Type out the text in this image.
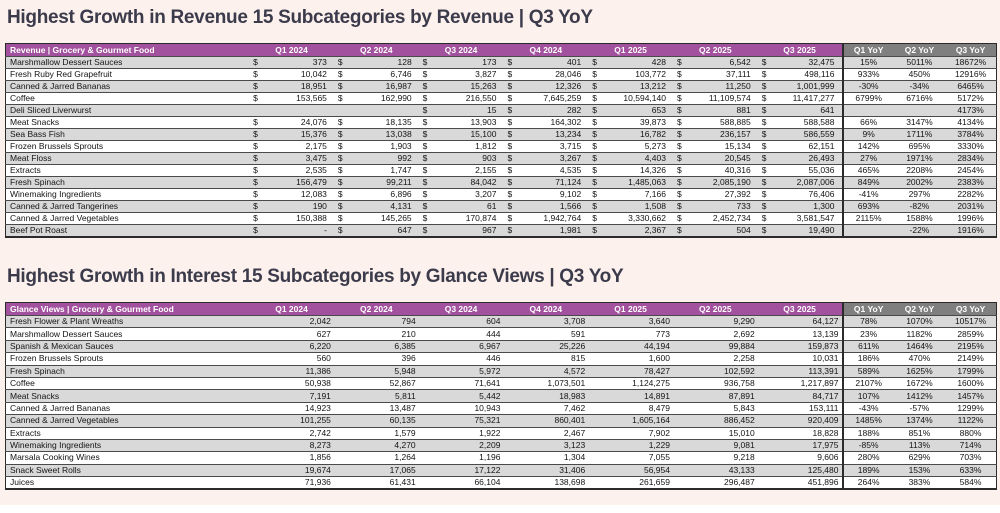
Highest Growth in Revenue 15 Subcategories by Revenue | Q3 YoY
Revenue | Grocery & Gourmet Food	Q1 2024	Q2 2024	Q3 2024	Q4 2024	Q1 2025	Q2 2025	Q3 2025	Q1 YoY	Q2 YoY	Q3 YoY
Marshmallow Dessert Sauces	$ 373	$ 128	$ 173	$ 401	$ 428	$ 6,542	$ 32,475	15%	5011%	18672%
Fresh Ruby Red Grapefruit	$ 10,042	$ 6,746	$ 3,827	$ 28,046	$ 103,772	$ 37,111	$ 498,116	933%	450%	12916%
Canned & Jarred Bananas	$ 18,951	$ 16,987	$ 15,263	$ 12,326	$ 13,212	$ 11,250	$ 1,001,999	-30%	-34%	6465%
Coffee	$ 153,565	$ 162,990	$ 216,550	$ 7,645,259	$ 10,594,140	$ 11,109,574	$ 11,417,277	6799%	6716%	5172%
Deli Sliced Liverwurst			$ 15	$ 282	$ 653	$ 881	$ 641			4173%
Meat Snacks	$ 24,076	$ 18,135	$ 13,903	$ 164,302	$ 39,873	$ 588,885	$ 588,588	66%	3147%	4134%
Sea Bass Fish	$ 15,376	$ 13,038	$ 15,100	$ 13,234	$ 16,782	$ 236,157	$ 586,559	9%	1711%	3784%
Frozen Brussels Sprouts	$ 2,175	$ 1,903	$ 1,812	$ 3,715	$ 5,273	$ 15,134	$ 62,151	142%	695%	3330%
Meat Floss	$ 3,475	$ 992	$ 903	$ 3,267	$ 4,403	$ 20,545	$ 26,493	27%	1971%	2834%
Extracts	$ 2,535	$ 1,747	$ 2,155	$ 4,535	$ 14,326	$ 40,316	$ 55,036	465%	2208%	2454%
Fresh Spinach	$ 156,479	$ 99,211	$ 84,042	$ 71,124	$ 1,485,063	$ 2,085,190	$ 2,087,006	849%	2002%	2383%
Winemaking Ingredients	$ 12,083	$ 6,896	$ 3,207	$ 9,102	$ 7,166	$ 27,392	$ 76,406	-41%	297%	2282%
Canned & Jarred Tangerines	$ 190	$ 4,131	$ 61	$ 1,566	$ 1,508	$ 733	$ 1,300	693%	-82%	2031%
Canned & Jarred Vegetables	$ 150,388	$ 145,265	$ 170,874	$ 1,942,764	$ 3,330,662	$ 2,452,734	$ 3,581,547	2115%	1588%	1996%
Beef Pot Roast	$ -	$ 647	$ 967	$ 1,981	$ 2,367	$ 504	$ 19,490		-22%	1916%
Highest Growth in Interest 15 Subcategories by Glance Views | Q3 YoY
Glance Views | Grocery & Gourmet Food	Q1 2024	Q2 2024	Q3 2024	Q4 2024	Q1 2025	Q2 2025	Q3 2025	Q1 YoY	Q2 YoY	Q3 YoY
Fresh Flower & Plant Wreaths	2,042	794	604	3,708	3,640	9,290	64,127	78%	1070%	10517%
Marshmallow Dessert Sauces	627	210	444	591	773	2,692	13,139	23%	1182%	2859%
Spanish & Mexican Sauces	6,220	6,385	6,967	25,226	44,194	99,884	159,873	611%	1464%	2195%
Frozen Brussels Sprouts	560	396	446	815	1,600	2,258	10,031	186%	470%	2149%
Fresh Spinach	11,386	5,948	5,972	4,572	78,427	102,592	113,391	589%	1625%	1799%
Coffee	50,938	52,867	71,641	1,073,501	1,124,275	936,758	1,217,897	2107%	1672%	1600%
Meat Snacks	7,191	5,811	5,442	18,983	14,891	87,891	84,717	107%	1412%	1457%
Canned & Jarred Bananas	14,923	13,487	10,943	7,462	8,479	5,843	153,111	-43%	-57%	1299%
Canned & Jarred Vegetables	101,255	60,135	75,321	860,401	1,605,164	886,452	920,409	1485%	1374%	1122%
Extracts	2,742	1,579	1,922	2,467	7,902	15,010	18,828	188%	851%	880%
Winemaking Ingredients	8,273	4,270	2,209	3,123	1,229	9,081	17,975	-85%	113%	714%
Marsala Cooking Wines	1,856	1,264	1,196	1,304	7,055	9,218	9,606	280%	629%	703%
Snack Sweet Rolls	19,674	17,065	17,122	31,406	56,954	43,133	125,480	189%	153%	633%
Juices	71,936	61,431	66,104	138,698	261,659	296,487	451,896	264%	383%	584%
